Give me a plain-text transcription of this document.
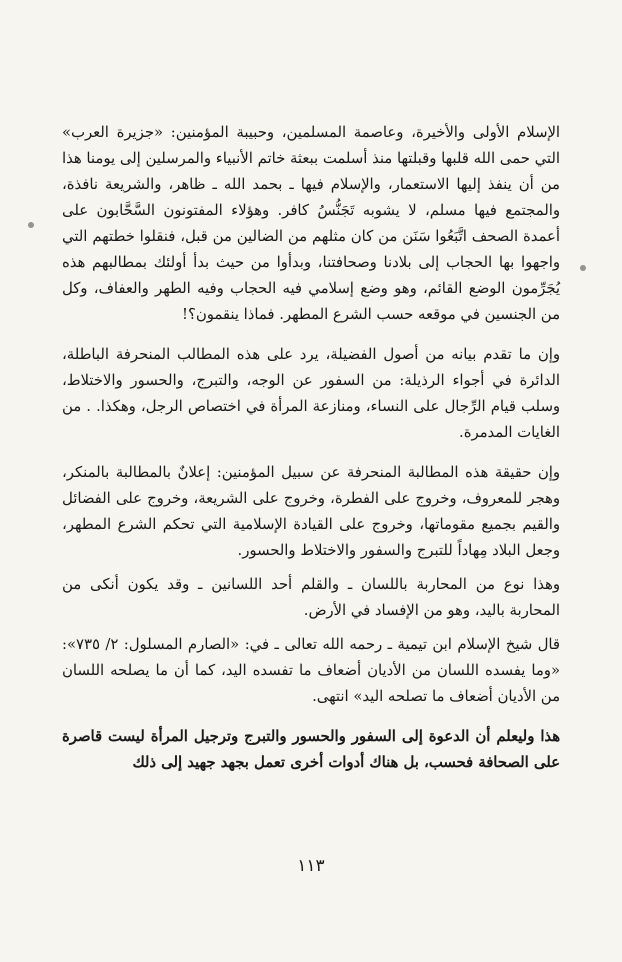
الإسلام الأولى والأخيرة، وعاصمة المسلمين، وحبيبة المؤمنين: «جزيرة العرب» التي حمى الله قلبها وقبلتها منذ أسلمت ببعثة خاتم الأنبياء والمرسلين إلى يومنا هذا من أن ينفذ إليها الاستعمار، والإسلام فيها ـ بحمد الله ـ ظاهر، والشريعة نافذة، والمجتمع فيها مسلم، لا يشوبه تَجَنُّسُ كافر. وهؤلاء المفتونون السَّحَّابون على أعمدة الصحف اتَّبَعُوا سَنَن من كان مثلهم من الضالين من قبل، فنقلوا خطتهم التي واجهوا بها الحجاب إلى بلادنا وصحافتنا، وبدأوا من حيث بدأ أولئك بمطالبهم هذه يُجَرِّمون الوضع القائم، وهو وضع إسلامي فيه الحجاب وفيه الطهر والعفاف، وكل من الجنسين في موقعه حسب الشرع المطهر. فماذا ينقمون؟!

وإن ما تقدم بيانه من أصول الفضيلة، يرد على هذه المطالب المنحرفة الباطلة، الدائرة في أجواء الرذيلة: من السفور عن الوجه، والتبرج، والحسور والاختلاط، وسلب قيام الرِّجال على النساء، ومنازعة المرأة في اختصاص الرجل، وهكذا. . من الغايات المدمرة.

وإن حقيقة هذه المطالبة المنحرفة عن سبيل المؤمنين: إعلانٌ بالمطالبة بالمنكر، وهجر للمعروف، وخروج على الفطرة، وخروج على الشريعة، وخروج على الفضائل والقيم بجميع مقوماتها، وخروج على القيادة الإسلامية التي تحكم الشرع المطهر، وجعل البلاد مِهاداً للتبرج والسفور والاختلاط والحسور.

وهذا نوع من المحاربة باللسان ـ والقلم أحد اللسانين ـ وقد يكون أنكى من المحاربة باليد، وهو من الإفساد في الأرض.

قال شيخ الإسلام ابن تيمية ـ رحمه الله تعالى ـ في: «الصارم المسلول: ٢/ ٧٣٥»: «وما يفسده اللسان من الأديان أضعاف ما تفسده اليد، كما أن ما يصلحه اللسان من الأديان أضعاف ما تصلحه اليد» انتهى.

هذا وليعلم أن الدعوة إلى السفور والحسور والتبرج وترجيل المرأة ليست قاصرة على الصحافة فحسب، بل هناك أدوات أخرى تعمل بجهد جهيد إلى ذلك

١١٣
